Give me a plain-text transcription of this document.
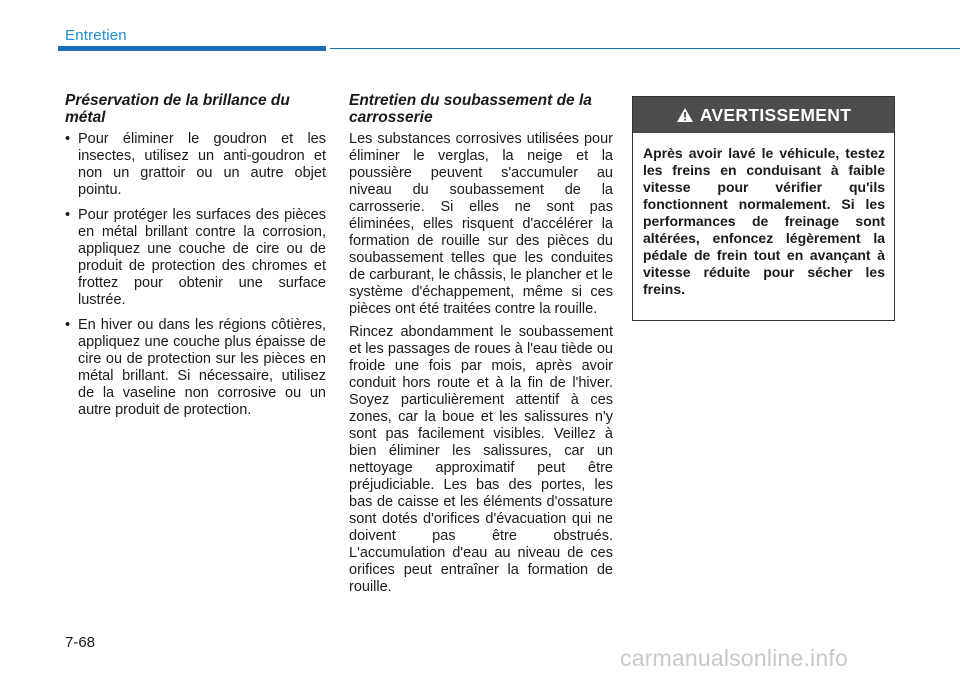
Entretien
Préservation de la brillance du métal
• Pour éliminer le goudron et les insectes, utilisez un anti-goudron et non un grattoir ou un autre objet pointu.
• Pour protéger les surfaces des pièces en métal brillant contre la corrosion, appliquez une couche de cire ou de produit de protection des chromes et frottez pour obtenir une surface lustrée.
• En hiver ou dans les régions côtières, appliquez une couche plus épaisse de cire ou de protection sur les pièces en métal brillant. Si nécessaire, utilisez de la vaseline non corrosive ou un autre produit de protection.
Entretien du soubassement de la carrosserie

Les substances corrosives utilisées pour éliminer le verglas, la neige et la poussière peuvent s'accumuler au niveau du soubassement de la carrosserie. Si elles ne sont pas éliminées, elles risquent d'accélérer la formation de rouille sur des pièces du soubassement telles que les conduites de carburant, le châssis, le plancher et le système d'échappement, même si ces pièces ont été traitées contre la rouille.

Rincez abondamment le soubassement et les passages de roues à l'eau tiède ou froide une fois par mois, après avoir conduit hors route et à la fin de l'hiver. Soyez particulièrement attentif à ces zones, car la boue et les salissures n'y sont pas facilement visibles. Veillez à bien éliminer les salissures, car un nettoyage approximatif peut être préjudiciable. Les bas des portes, les bas de caisse et les éléments d'ossature sont dotés d'orifices d'évacuation qui ne doivent pas être obstrués. L'accumulation d'eau au niveau de ces orifices peut entraîner la formation de rouille.

AVERTISSEMENT
Après avoir lavé le véhicule, testez les freins en conduisant à faible vitesse pour vérifier qu'ils fonctionnent normalement. Si les performances de freinage sont altérées, enfoncez légèrement la pédale de frein tout en avançant à vitesse réduite pour sécher les freins.
7-68
carmanualsonline.info
